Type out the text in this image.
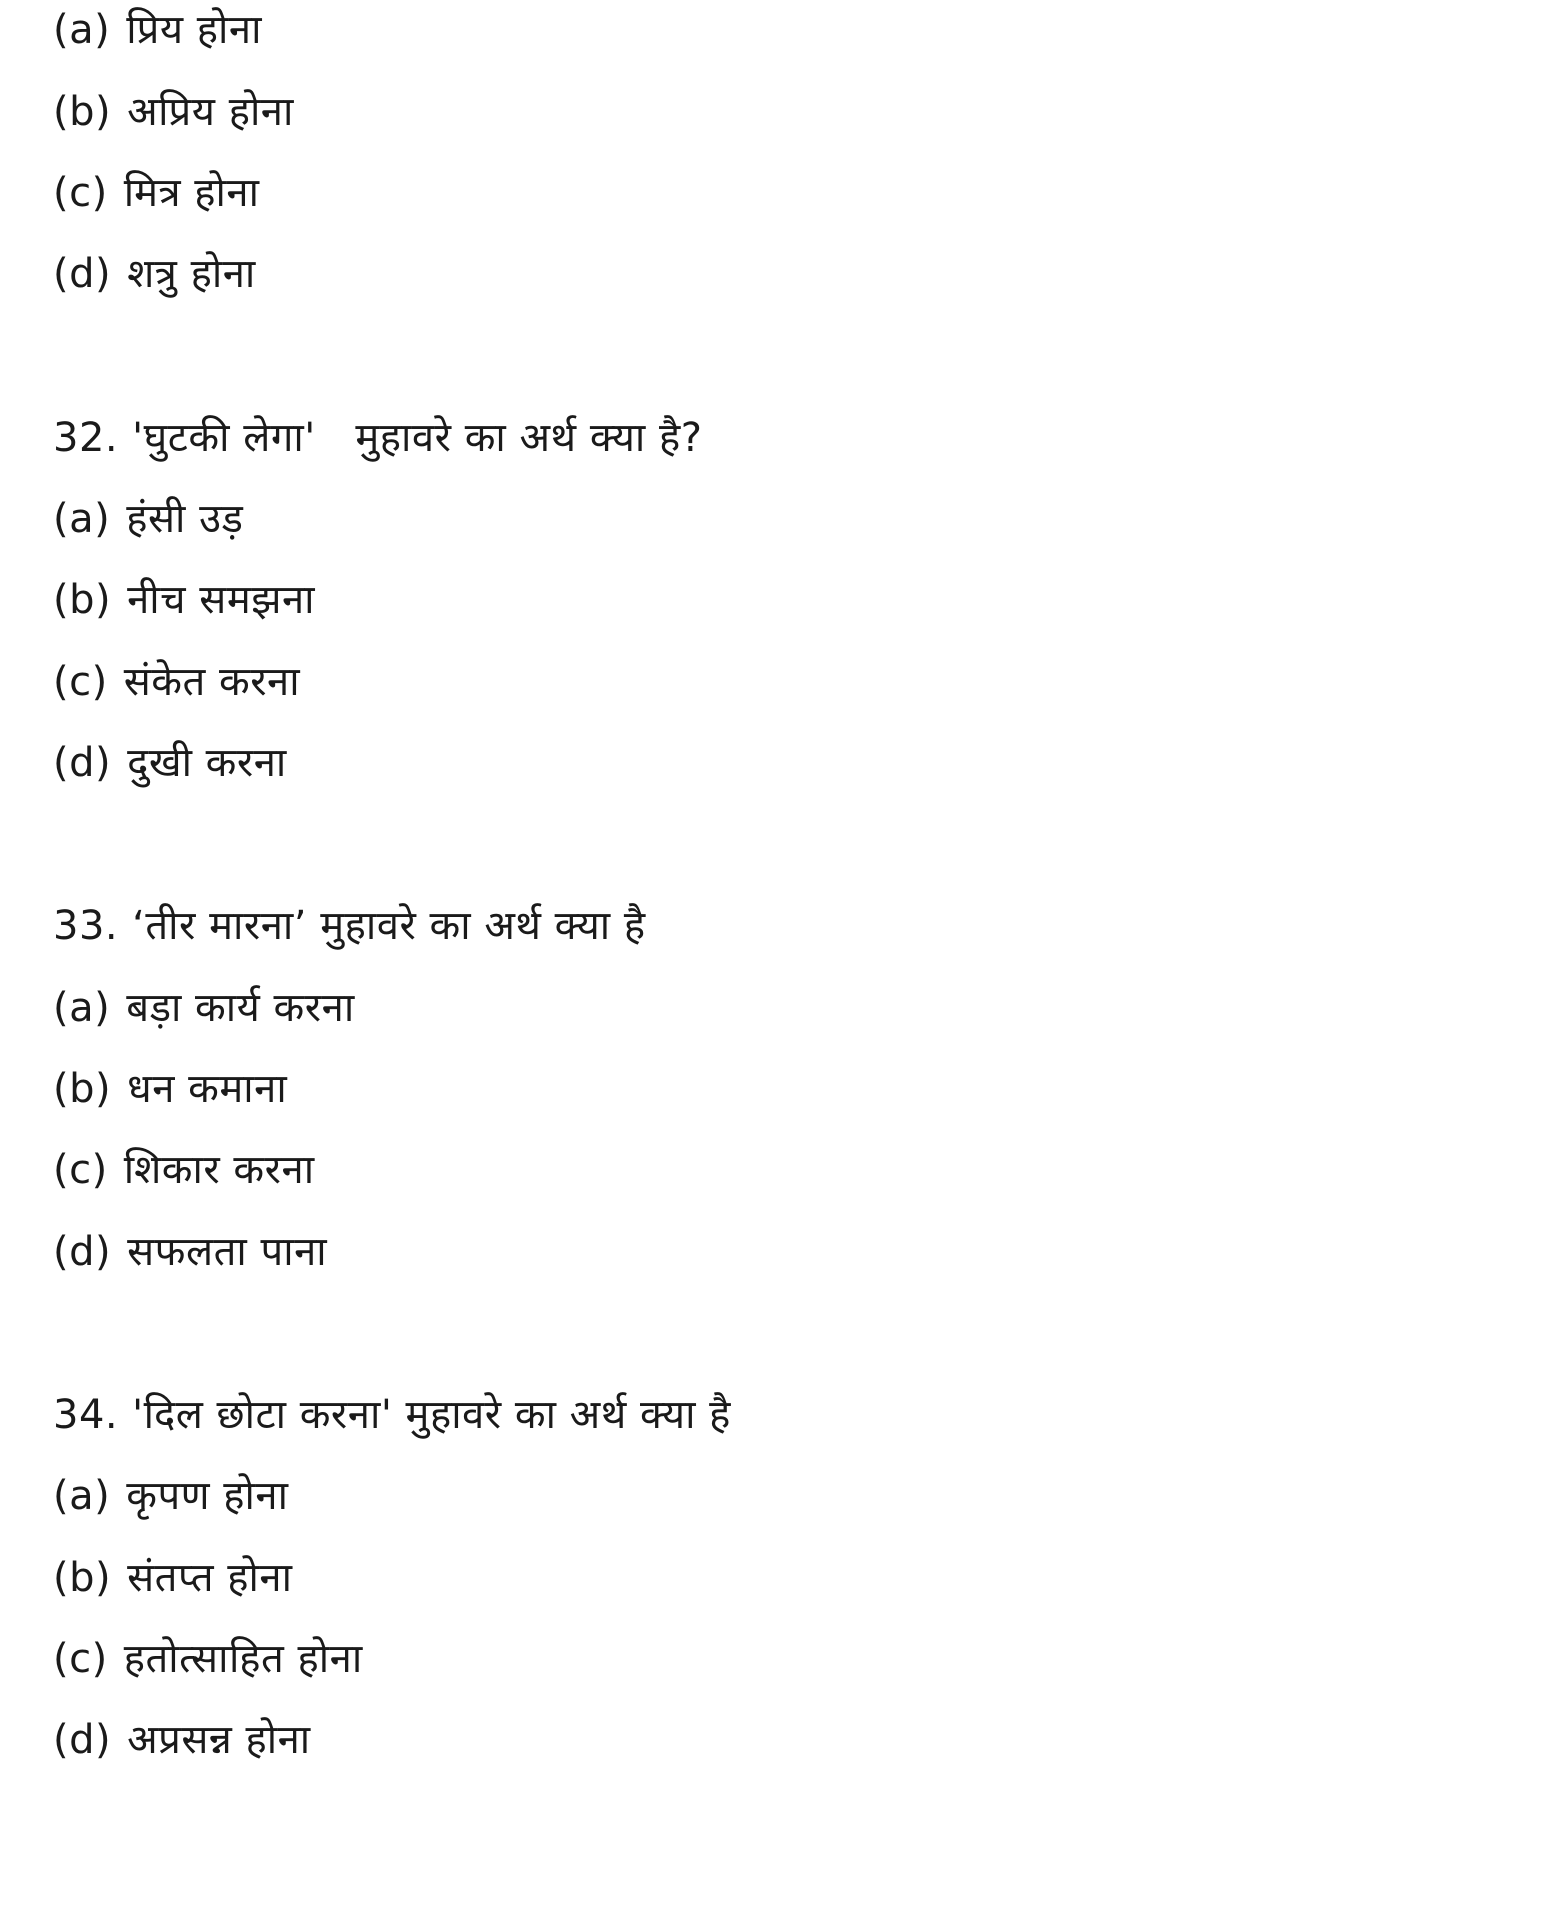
(a) प्रिय होना
(b) अप्रिय होना
(c) मित्र होना
(d) शत्रु होना
32. 'घुटकी लेगा'   मुहावरे का अर्थ क्या है?
(a) हंसी उड़
(b) नीच समझना
(c) संकेत करना
(d) दुखी करना
33. ‘तीर मारना’ मुहावरे का अर्थ क्या है
(a) बड़ा कार्य करना
(b) धन कमाना
(c) शिकार करना
(d) सफलता पाना
34. 'दिल छोटा करना' मुहावरे का अर्थ क्या है
(a) कृपण होना
(b) संतप्त होना
(c) हतोत्साहित होना
(d) अप्रसन्न होना
